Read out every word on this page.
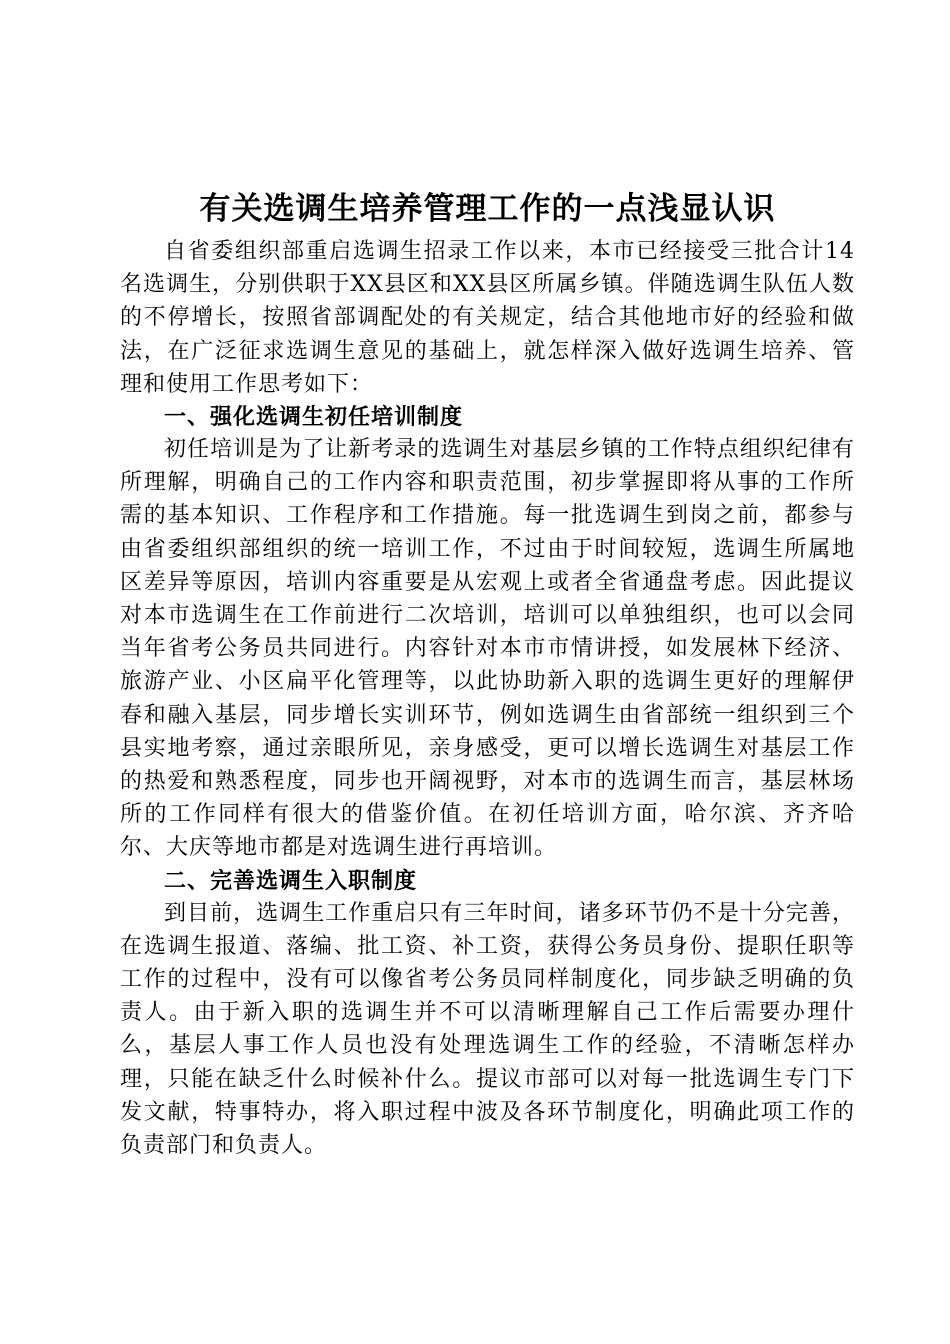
有关选调生培养管理工作的一点浅显认识

自省委组织部重启选调生招录工作以来，本市已经接受三批合计14名选调生，分别供职于XX县区和XX县区所属乡镇。伴随选调生队伍人数的不停增长，按照省部调配处的有关规定，结合其他地市好的经验和做法，在广泛征求选调生意见的基础上，就怎样深入做好选调生培养、管理和使用工作思考如下：

一、强化选调生初任培训制度

初任培训是为了让新考录的选调生对基层乡镇的工作特点组织纪律有所理解，明确自己的工作内容和职责范围，初步掌握即将从事的工作所需的基本知识、工作程序和工作措施。每一批选调生到岗之前，都参与由省委组织部组织的统一培训工作，不过由于时间较短，选调生所属地区差异等原因，培训内容重要是从宏观上或者全省通盘考虑。因此提议对本市选调生在工作前进行二次培训，培训可以单独组织，也可以会同当年省考公务员共同进行。内容针对本市市情讲授，如发展林下经济、旅游产业、小区扁平化管理等，以此协助新入职的选调生更好的理解伊春和融入基层，同步增长实训环节，例如选调生由省部统一组织到三个县实地考察，通过亲眼所见，亲身感受，更可以增长选调生对基层工作的热爱和熟悉程度，同步也开阔视野，对本市的选调生而言，基层林场所的工作同样有很大的借鉴价值。在初任培训方面，哈尔滨、齐齐哈尔、大庆等地市都是对选调生进行再培训。

二、完善选调生入职制度

到目前，选调生工作重启只有三年时间，诸多环节仍不是十分完善，在选调生报道、落编、批工资、补工资，获得公务员身份、提职任职等工作的过程中，没有可以像省考公务员同样制度化，同步缺乏明确的负责人。由于新入职的选调生并不可以清晰理解自己工作后需要办理什么，基层人事工作人员也没有处理选调生工作的经验，不清晰怎样办理，只能在缺乏什么时候补什么。提议市部可以对每一批选调生专门下发文献，特事特办，将入职过程中波及各环节制度化，明确此项工作的负责部门和负责人。
